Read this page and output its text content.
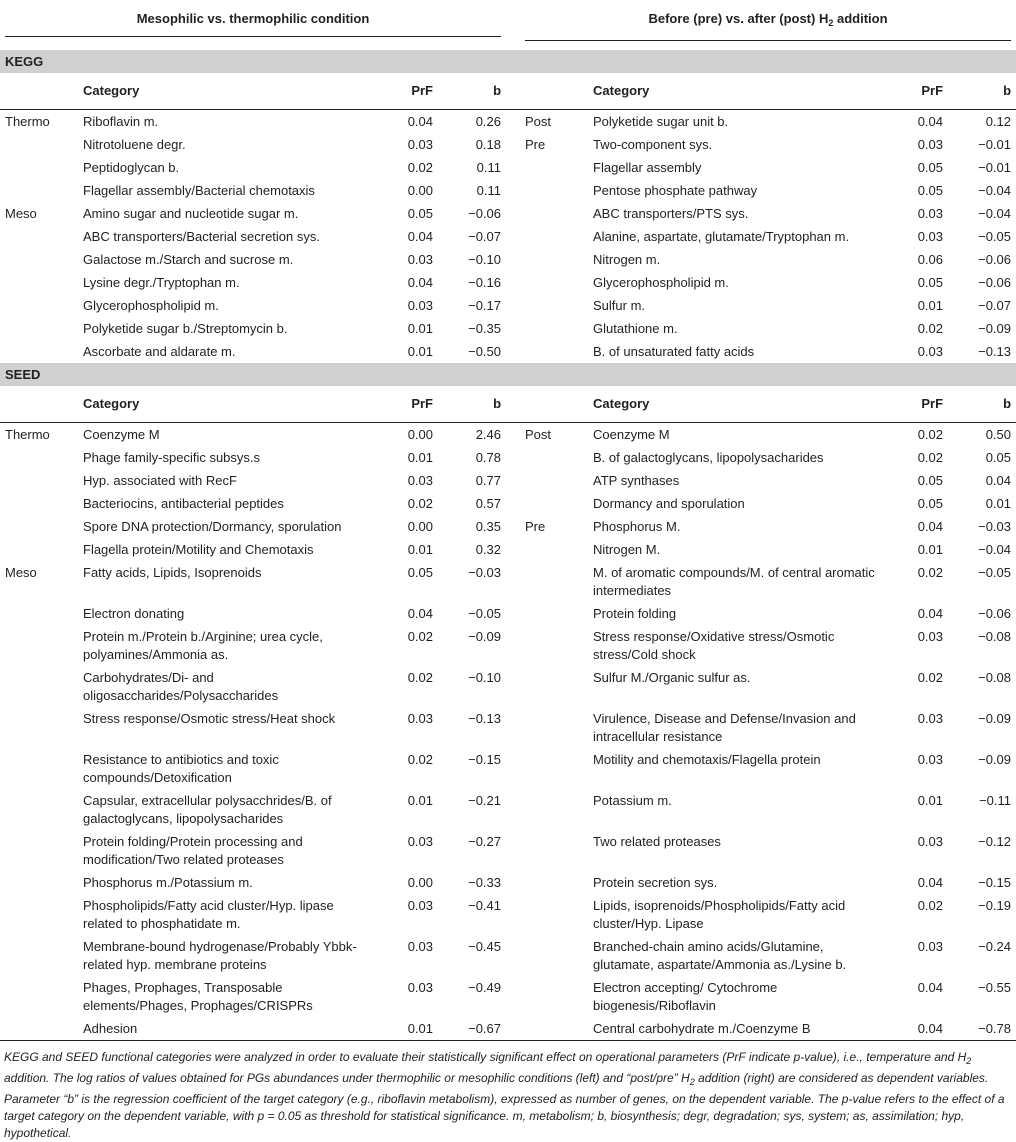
Mesophilic vs. thermophilic condition					Before (pre) vs. after (post) $H_2$ addition			

KEGG								
	Category	PrF	b			Category	PrF	b
Thermo	Riboflavin m.	0.04	0.26		Post	Polyketide sugar unit b.	0.04	0.12
	Nitrotoluene degr.	0.03	0.18		Pre	Two-component sys.	0.03	−0.01
	Peptidoglycan b.	0.02	0.11			Flagellar assembly	0.05	−0.01
	Flagellar assembly/Bacterial chemotaxis	0.00	0.11			Pentose phosphate pathway	0.05	−0.04
Meso	Amino sugar and nucleotide sugar m.	0.05	−0.06			ABC transporters/PTS sys.	0.03	−0.04
	ABC transporters/Bacterial secretion sys.	0.04	−0.07			Alanine, aspartate, glutamate/Tryptophan m.	0.03	−0.05
	Galactose m./Starch and sucrose m.	0.03	−0.10			Nitrogen m.	0.06	−0.06
	Lysine degr./Tryptophan m.	0.04	−0.16			Glycerophospholipid m.	0.05	−0.06
	Glycerophospholipid m.	0.03	−0.17			Sulfur m.	0.01	−0.07
	Polyketide sugar b./Streptomycin b.	0.01	−0.35			Glutathione m.	0.02	−0.09
	Ascorbate and aldarate m.	0.01	−0.50			B. of unsaturated fatty acids	0.03	−0.13
SEED								
	Category	PrF	b			Category	PrF	b
Thermo	Coenzyme M	0.00	2.46		Post	Coenzyme M	0.02	0.50
	Phage family-specific subsys.s	0.01	0.78			B. of galactoglycans, lipopolysacharides	0.02	0.05
	Hyp. associated with RecF	0.03	0.77			ATP synthases	0.05	0.04
	Bacteriocins, antibacterial peptides	0.02	0.57			Dormancy and sporulation	0.05	0.01
	Spore DNA protection/Dormancy, sporulation	0.00	0.35		Pre	Phosphorus M.	0.04	−0.03
	Flagella protein/Motility and Chemotaxis	0.01	0.32			Nitrogen M.	0.01	−0.04
Meso	Fatty acids, Lipids, Isoprenoids	0.05	−0.03			M. of aromatic compounds/M. of central aromatic intermediates	0.02	−0.05
	Electron donating	0.04	−0.05			Protein folding	0.04	−0.06
	Protein m./Protein b./Arginine; urea cycle, polyamines/Ammonia as.	0.02	−0.09			Stress response/Oxidative stress/Osmotic stress/Cold shock	0.03	−0.08
	Carbohydrates/Di- and oligosaccharides/Polysaccharides	0.02	−0.10			Sulfur M./Organic sulfur as.	0.02	−0.08
	Stress response/Osmotic stress/Heat shock	0.03	−0.13			Virulence, Disease and Defense/Invasion and intracellular resistance	0.03	−0.09
	Resistance to antibiotics and toxic compounds/Detoxification	0.02	−0.15			Motility and chemotaxis/Flagella protein	0.03	−0.09
	Capsular, extracellular polysacchrides/B. of galactoglycans, lipopolysacharides	0.01	−0.21			Potassium m.	0.01	−0.11
	Protein folding/Protein processing and modification/Two related proteases	0.03	−0.27			Two related proteases	0.03	−0.12
	Phosphorus m./Potassium m.	0.00	−0.33			Protein secretion sys.	0.04	−0.15
	Phospholipids/Fatty acid cluster/Hyp. lipase related to phosphatidate m.	0.03	−0.41			Lipids, isoprenoids/Phospholipids/Fatty acid cluster/Hyp. Lipase	0.02	−0.19
	Membrane-bound hydrogenase/Probably Ybbk-related hyp. membrane proteins	0.03	−0.45			Branched-chain amino acids/Glutamine, glutamate, aspartate/Ammonia as./Lysine b.	0.03	−0.24
	Phages, Prophages, Transposable elements/Phages, Prophages/CRISPRs	0.03	−0.49			Electron accepting/ Cytochrome biogenesis/Riboflavin	0.04	−0.55
	Adhesion	0.01	−0.67			Central carbohydrate m./Coenzyme B	0.04	−0.78
KEGG and SEED functional categories were analyzed in order to evaluate their statistically significant effect on operational parameters (PrF indicate p-value), i.e., temperature and $H_2$ addition. The log ratios of values obtained for PGs abundances under thermophilic or mesophilic conditions (left) and “post/pre” $H_2$ addition (right) are considered as dependent variables. Parameter “b” is the regression coefficient of the target category (e.g., riboflavin metabolism), expressed as number of genes, on the dependent variable. The p-value refers to the effect of a target category on the dependent variable, with p = 0.05 as threshold for statistical significance. m, metabolism; b, biosynthesis; degr, degradation; sys, system; as, assimilation; hyp, hypothetical.
